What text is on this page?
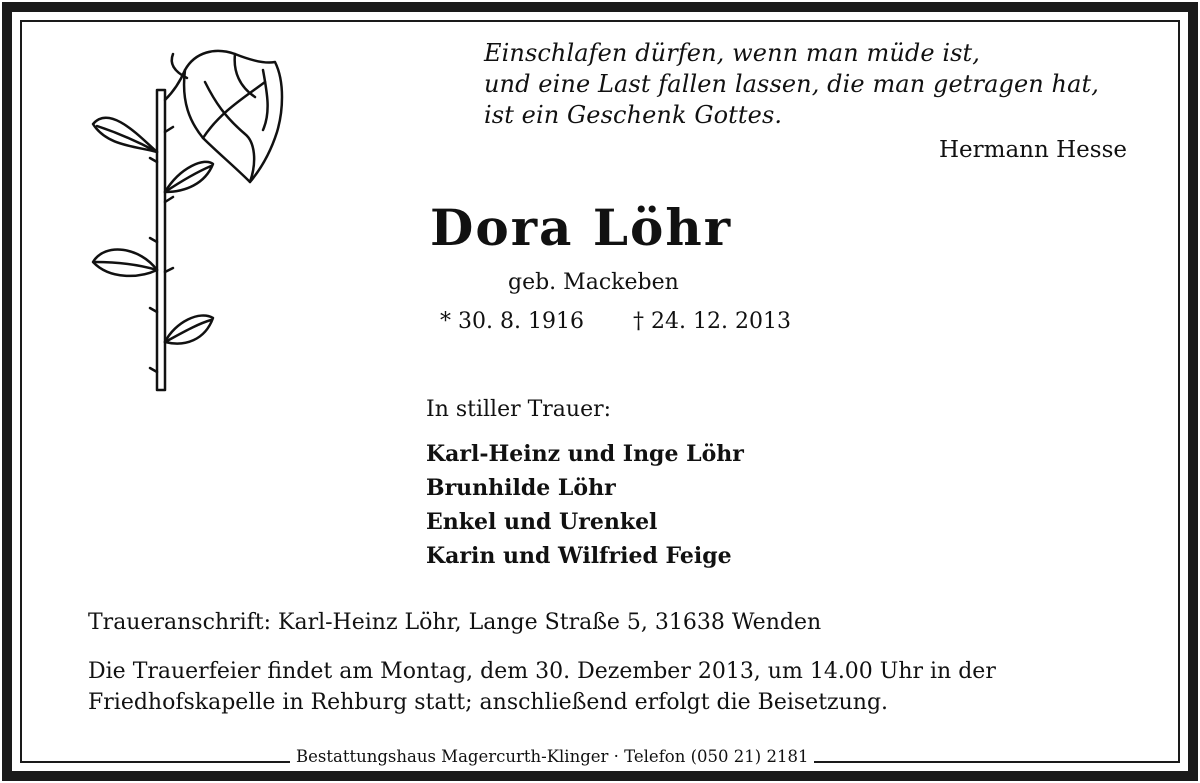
Einschlafen dürfen, wenn man müde ist,
und eine Last fallen lassen, die man getragen hat,
ist ein Geschenk Gottes.
Hermann Hesse
Dora Löhr
geb. Mackeben
* 30. 8. 1916 † 24. 12. 2013
In stiller Trauer:
Karl-Heinz und Inge Löhr
Brunhilde Löhr
Enkel und Urenkel
Karin und Wilfried Feige
Traueranschrift: Karl-Heinz Löhr, Lange Straße 5, 31638 Wenden
Die Trauerfeier findet am Montag, dem 30. Dezember 2013, um 14.00 Uhr in der
Friedhofskapelle in Rehburg statt; anschließend erfolgt die Beisetzung.
Bestattungshaus Magercurth-Klinger · Telefon (050 21) 2181
